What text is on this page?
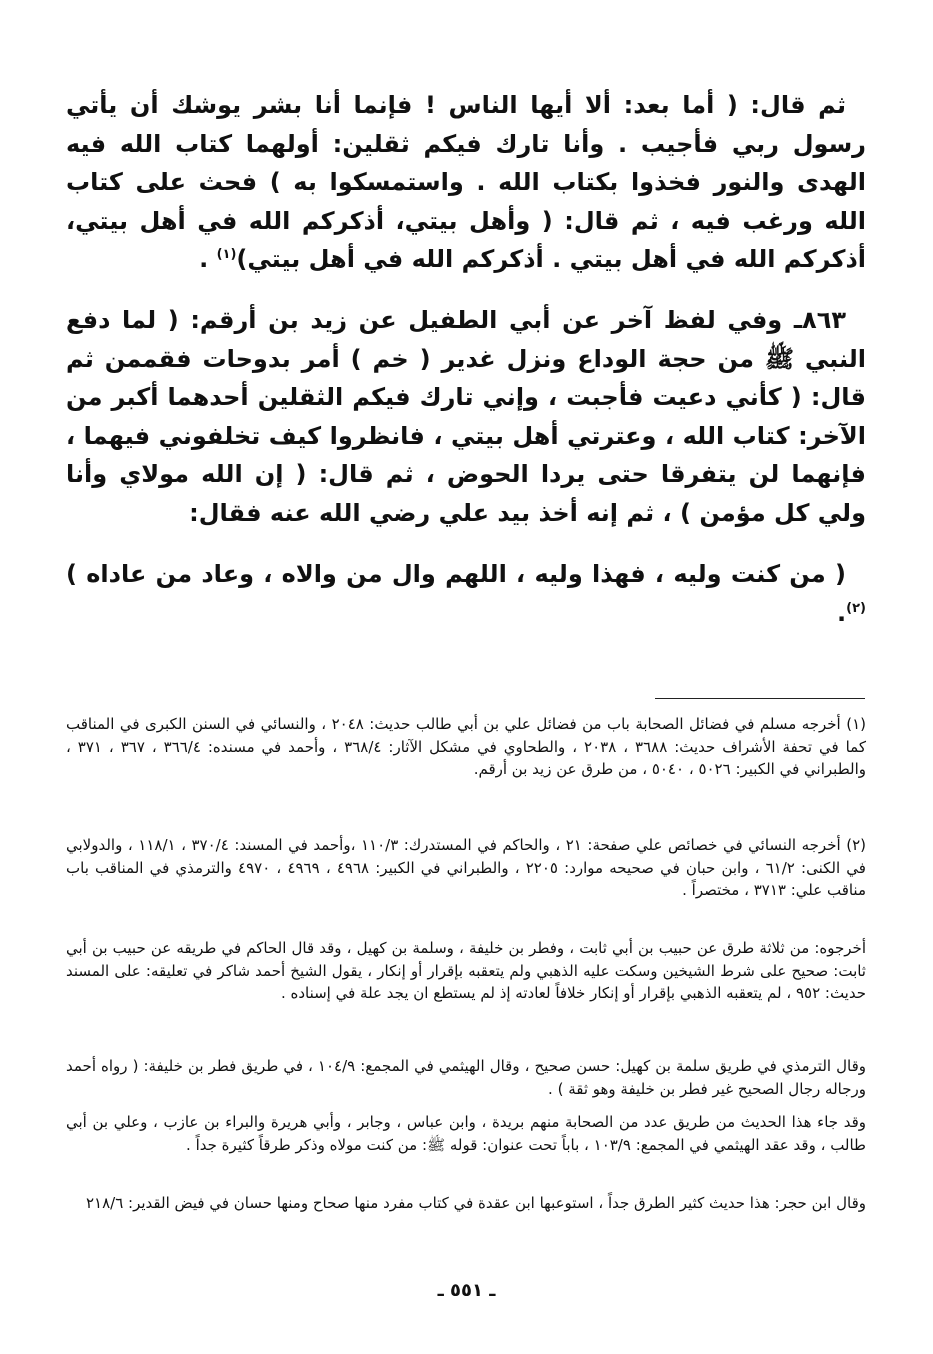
ثم قال: ( أما بعد: ألا أيها الناس ! فإنما أنا بشر يوشك أن يأتي رسول ربي فأجيب . وأنا تارك فيكم ثقلين: أولهما كتاب الله فيه الهدى والنور فخذوا بكتاب الله . واستمسكوا به ) فحث على كتاب الله ورغب فيه ، ثم قال: ( وأهل بيتي، أذكركم الله في أهل بيتي، أذكركم الله في أهل بيتي . أذكركم الله في أهل بيتي)$^{(١)}$ .

٨٦٣ـ وفي لفظ آخر عن أبي الطفيل عن زيد بن أرقم: ( لما دفع النبي ﷺ من حجة الوداع ونزل غدير ( خم ) أمر بدوحات فقممن ثم قال: ( كأني دعيت فأجبت ، وإني تارك فيكم الثقلين أحدهما أكبر من الآخر: كتاب الله ، وعترتي أهل بيتي ، فانظروا كيف تخلفوني فيهما ، فإنهما لن يتفرقا حتى يردا الحوض ، ثم قال: ( إن الله مولاي وأنا ولي كل مؤمن ) ، ثم إنه أخذ بيد علي رضي الله عنه فقال:

( من كنت وليه ، فهذا وليه ، اللهم وال من والاه ، وعاد من عاداه ) $^{(٢)}$.

(١) أخرجه مسلم في فضائل الصحابة باب من فضائل علي بن أبي طالب حديث: ٢٠٤٨ ، والنسائي في السنن الكبرى في المناقب كما في تحفة الأشراف حديث: ٣٦٨٨ ، ٢٠٣٨ ، والطحاوي في مشكل الآثار: ٣٦٨/٤ ، وأحمد في مسنده: ٣٦٦/٤ ، ٣٦٧ ، ٣٧١ ، والطبراني في الكبير: ٥٠٢٦ ، ٥٠٤٠ ، من طرق عن زيد بن أرقم.
(٢) أخرجه النسائي في خصائص علي صفحة: ٢١ ، والحاكم في المستدرك: ١١٠/٣ ،وأحمد في المسند: ٣٧٠/٤ ، ١١٨/١ ، والدولابي في الكنى: ٦١/٢ ، وابن حبان في صحيحه موارد: ٢٢٠٥ ، والطبراني في الكبير: ٤٩٦٨ ، ٤٩٦٩ ، ٤٩٧٠ والترمذي في المناقب باب مناقب علي: ٣٧١٣ ، مختصراً .
أخرجوه: من ثلاثة طرق عن حبيب بن أبي ثابت ، وفطر بن خليفة ، وسلمة بن كهيل ، وقد قال الحاكم في طريقه عن حبيب بن أبي ثابت: صحيح على شرط الشيخين وسكت عليه الذهبي ولم يتعقبه بإقرار أو إنكار ، يقول الشيخ أحمد شاكر في تعليقه: على المسند حديث: ٩٥٢ ، لم يتعقبه الذهبي بإقرار أو إنكار خلافاً لعادته إذ لم يستطع ان يجد علة في إسناده .
وقال الترمذي في طريق سلمة بن كهيل: حسن صحيح ، وقال الهيثمي في المجمع: ١٠٤/٩ ، في طريق فطر بن خليفة: ( رواه أحمد ورجاله رجال الصحيح غير فطر بن خليفة وهو ثقة ) .
وقد جاء هذا الحديث من طريق عدد من الصحابة منهم بريدة ، وابن عباس ، وجابر ، وأبي هريرة والبراء بن عازب ، وعلي بن أبي طالب ، وقد عقد الهيثمي في المجمع: ١٠٣/٩ ، باباً تحت عنوان: قوله ﷺ: من كنت مولاه وذكر طرقاً كثيرة جداً .
وقال ابن حجر: هذا حديث كثير الطرق جداً ، استوعبها ابن عقدة في كتاب مفرد منها صحاح ومنها حسان في فيض القدير: ٢١٨/٦
ـ ٥٥١ ـ
